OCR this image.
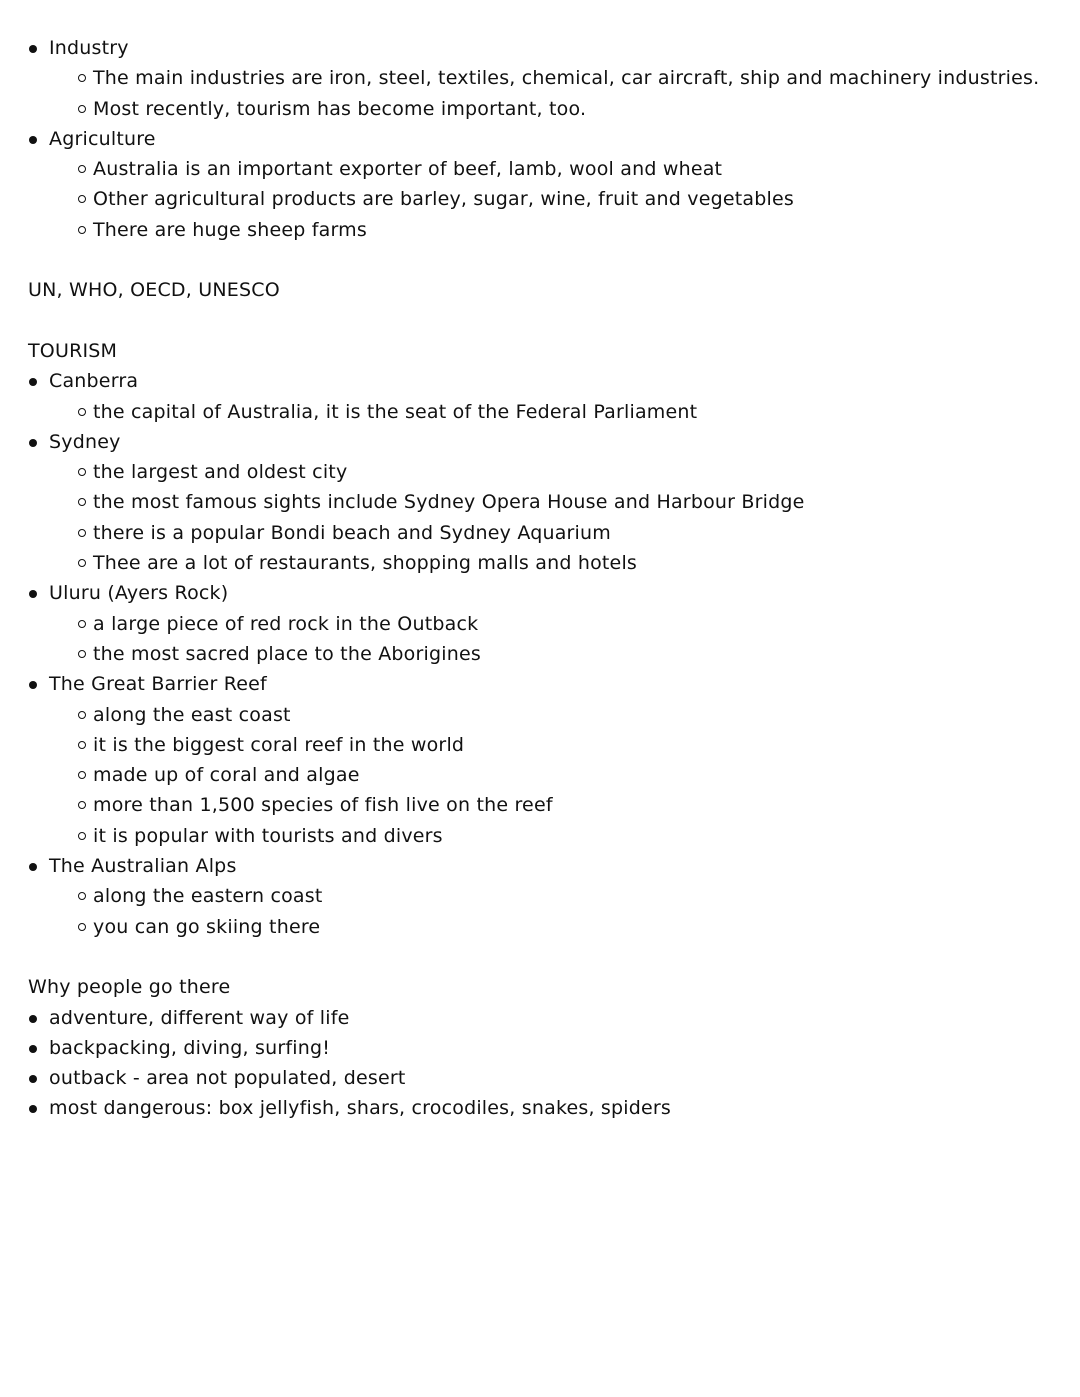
Industry
The main industries are iron, steel, textiles, chemical, car aircraft, ship and machinery industries.
Most recently, tourism has become important, too.
Agriculture
Australia is an important exporter of beef, lamb, wool and wheat
Other agricultural products are barley, sugar, wine, fruit and vegetables
There are huge sheep farms
UN, WHO, OECD, UNESCO
TOURISM
Canberra
the capital of Australia, it is the seat of the Federal Parliament
Sydney
the largest and oldest city
the most famous sights include Sydney Opera House and Harbour Bridge
there is a popular Bondi beach and Sydney Aquarium
Thee are a lot of restaurants, shopping malls and hotels
Uluru (Ayers Rock)
a large piece of red rock in the Outback
the most sacred place to the Aborigines
The Great Barrier Reef
along the east coast
it is the biggest coral reef in the world
made up of coral and algae
more than 1,500 species of fish live on the reef
it is popular with tourists and divers
The Australian Alps
along the eastern coast
you can go skiing there
Why people go there
adventure, different way of life
backpacking, diving, surfing!
outback - area not populated, desert
most dangerous: box jellyfish, shars, crocodiles, snakes, spiders
